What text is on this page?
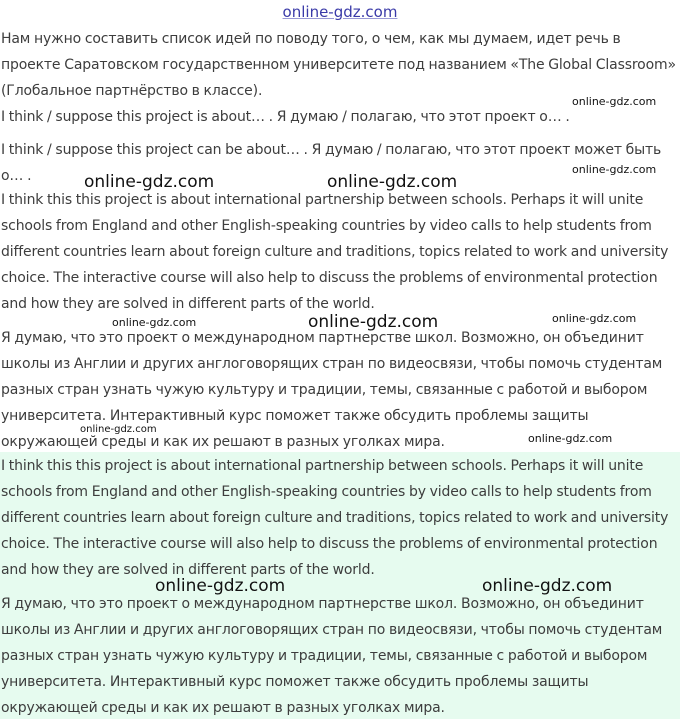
online-gdz.com

Нам нужно составить список идей по поводу того, о чем, как мы думаем, идет речь в проекте Саратовском государственном университете под названием «The Global Classroom» (Глобальное партнёрство в классе).

I think / suppose this project is about… . Я думаю / полагаю, что этот проект о… .

I think / suppose this project can be about… . Я думаю / полагаю, что этот проект может быть о… .

I think this this project is about international partnership between schools. Perhaps it will unite schools from England and other English-speaking countries by video calls to help students from different countries learn about foreign culture and traditions, topics related to work and university choice. The interactive course will also help to discuss the problems of environmental protection and how they are solved in different parts of the world.

Я думаю, что это проект о международном партнерстве школ. Возможно, он объединит школы из Англии и других англоговорящих стран по видеосвязи, чтобы помочь студентам разных стран узнать чужую культуру и традиции, темы, связанные с работой и выбором университета. Интерактивный курс поможет также обсудить проблемы защиты окружающей среды и как их решают в разных уголках мира.

I think this this project is about international partnership between schools. Perhaps it will unite schools from England and other English-speaking countries by video calls to help students from different countries learn about foreign culture and traditions, topics related to work and university choice. The interactive course will also help to discuss the problems of environmental protection and how they are solved in different parts of the world.

Я думаю, что это проект о международном партнерстве школ. Возможно, он объединит школы из Англии и других англоговорящих стран по видеосвязи, чтобы помочь студентам разных стран узнать чужую культуру и традиции, темы, связанные с работой и выбором университета. Интерактивный курс поможет также обсудить проблемы защиты окружающей среды и как их решают в разных уголках мира.

online-gdz.com
online-gdz.com
online-gdz.com	online-gdz.com
online-gdz.com
online-gdz.com	online-gdz.com
online-gdz.com
online-gdz.com
online-gdz.com	online-gdz.com
